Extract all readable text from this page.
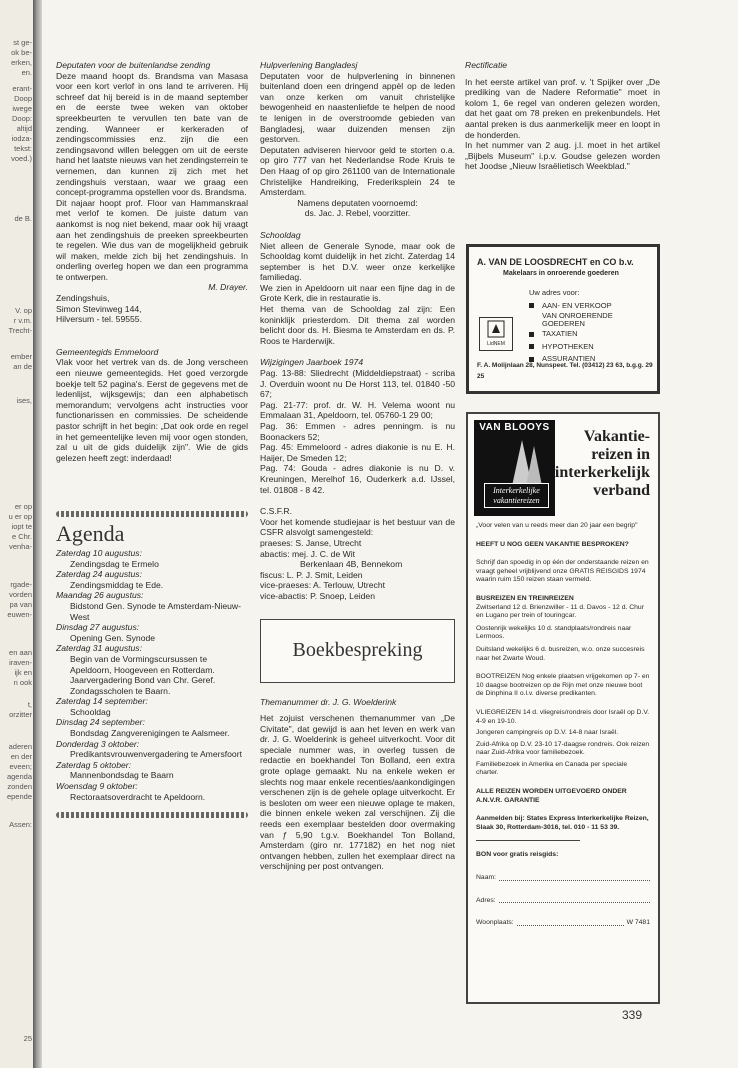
st ge-
ok be-
erken,
en.
erant-
Doop
iwege
Doop:
altijd
iodza-
tekst:
voed.)
de B.
V. op
r v.m.
Trecht-
ember
an de
ises,
er op
u er op
iopt te
e Chr.
venha-
rgade-
vorden
pa van
euwen-
en aan
iraven-
ijk en
n ook
t,
orzitter
aderen
en der
eveen;
agenda
zonden
epende
Assen:
25
Deputaten voor de buitenlandse zending
Deze maand hoopt ds. Brandsma van Masasa voor een kort verlof in ons land te arriveren. Hij schreef dat hij bereid is in de maand september en de eerste twee weken van oktober spreekbeurten te vervullen ten bate van de zending. Wanneer er kerkeraden of zendingscommissies enz. zijn die een zendingsavond willen beleggen om uit de eerste hand het laatste nieuws van het zendingsterrein te vernemen, dan kunnen zij zich met het zendingshuis verstaan, waar we graag een concept-programma opstellen voor ds. Brandsma.
Dit najaar hoopt prof. Floor van Hammanskraal met verlof te komen. De juiste datum van aankomst is nog niet bekend, maar ook hij vraagt aan het zendingshuis de preeken spreekbeurten te regelen. Wie dus van de mogelijkheid gebruik wil maken, melde zich bij het zendingshuis. In onderling overleg hopen we dan een programma te ontwerpen.
M. Drayer.
Zendingshuis,
Simon Stevinweg 144,
Hilversum - tel. 59555.
Gemeentegids Emmeloord
Vlak voor het vertrek van ds. de Jong verscheen een nieuwe gemeentegids. Het goed verzorgde boekje telt 52 pagina's. Eerst de gegevens met de ledenlijst, wijksgewijs; dan een alphabetisch memorandum; vervolgens acht instructies voor functionarissen en commissies. De scheidende pastor schrijft in het begin: „Dat ook orde en regel in het gemeentelijke leven mij voor ogen stonden, zal u uit de gids duidelijk zijn". Wie de gids gelezen heeft zegt: inderdaad!
Agenda
Zaterdag 10 augustus:
Zendingsdag te Ermelo
Zaterdag 24 augustus:
Zendingsmiddag te Ede.
Maandag 26 augustus:
Bidstond Gen. Synode te Amsterdam-Nieuw-West
Dinsdag 27 augustus:
Opening Gen. Synode
Zaterdag 31 augustus:
Begin van de Vormingscursussen te Apeldoorn, Hoogeveen en Rotterdam. Jaarvergadering Bond van Chr. Geref. Zondagsscholen te Baarn.
Zaterdag 14 september:
Schooldag
Dinsdag 24 september:
Bondsdag Zangverenigingen te Aalsmeer.
Donderdag 3 oktober:
Predikantsvrouwenvergadering te Amersfoort
Zaterdag 5 oktober:
Mannenbondsdag te Baarn
Woensdag 9 oktober:
Rectoraatsoverdracht te Apeldoorn.
Hulpverlening Bangladesj
Deputaten voor de hulpverlening in binnenen buitenland doen een dringend appèl op de leden van onze kerken om vanuit christelijke bewogenheid en naastenliefde te helpen de nood te lenigen in de overstroomde gebieden van Bangladesj, waar duizenden mensen zijn gestorven.
Deputaten adviseren hiervoor geld te storten o.a. op giro 777 van het Nederlandse Rode Kruis te Den Haag of op giro 261100 van de Internationale Christelijke Handreiking, Frederiksplein 24 te Amsterdam.
Namens deputaten voornoemd:
ds. Jac. J. Rebel, voorzitter.
Schooldag
Niet alleen de Generale Synode, maar ook de Schooldag komt duidelijk in het zicht. Zaterdag 14 september is het D.V. weer onze kerkelijke familiedag.
We zien in Apeldoorn uit naar een fijne dag in de Grote Kerk, die in restauratie is.
Het thema van de Schooldag zal zijn: Een koninklijk priesterdom. Dit thema zal worden belicht door ds. H. Biesma te Amsterdam en ds. P. Roos te Harderwijk.
Wijzigingen Jaarboek 1974
Pag. 13-88: Sliedrecht (Middeldiepstraat) - scriba J. Overduin woont nu De Horst 113, tel. 01840 -50 67;
Pag. 21-77: prof. dr. W. H. Velema woont nu Emmalaan 31, Apeldoorn, tel. 05760-1 29 00;
Pag. 36: Emmen - adres penningm. is nu Boonackers 52;
Pag. 45: Emmeloord - adres diakonie is nu E. H. Haijer, De Smeden 12;
Pag. 74: Gouda - adres diakonie is nu D. v. Kreuningen, Merelhof 16, Ouderkerk a.d. IJssel, tel. 01808 - 8 42.
C.S.F.R.
Voor het komende studiejaar is het bestuur van de CSFR alsvolgt samengesteld:
praeses: S. Janse, Utrecht
abactis: mej. J. C. de Wit
Berkenlaan 4B, Bennekom
fiscus: L. P. J. Smit, Leiden
vice-praeses: A. Terlouw, Utrecht
vice-abactis: P. Snoep, Leiden
Boekbespreking
Themanummer dr. J. G. Woelderink
Het zojuist verschenen themanummer van „De Civitate", dat gewijd is aan het leven en werk van dr. J. G. Woelderink is geheel uitverkocht. Voor dit speciale nummer was, in overleg tussen de redactie en boekhandel Ton Bolland, een extra grote oplage gemaakt. Nu na enkele weken er slechts nog maar enkele recenties/aankondigingen verschenen zijn is de gehele oplage uitverkocht. Er is besloten om weer een nieuwe oplage te maken, die binnen enkele weken zal verschijnen. Zij die reeds een exemplaar bestelden door overmaking van ƒ 5,90 t.g.v. Boekhandel Ton Bolland, Amsterdam (giro nr. 177182) en het nog niet ontvangen hebben, zullen het exemplaar direct na verschijning per post ontvangen.
Rectificatie
In het eerste artikel van prof. v. 't Spijker over „De prediking van de Nadere Reformatie" moet in kolom 1, 6e regel van onderen gelezen worden, dat het gaat om 78 preken en prekenbundels. Het aantal preken is dus aanmerkelijk meer en loopt in de honderden.
In het nummer van 2 aug. j.l. moet in het artikel „Bijbels Museum" i.p.v. Goudse gelezen worden het Joodse „Nieuw Israëlietisch Weekblad."
A. VAN DE LOOSDRECHT en CO b.v.
Makelaars in onroerende goederen
Uw adres voor:
AAN- EN VERKOOP
VAN ONROERENDE GOEDEREN
TAXATIEN
HYPOTHEKEN
ASSURANTIEN
LidNEM
F. A. Molijnlaan 28, Nunspeet. Tel. (03412) 23 63, b.g.g. 29 25
VAN BLOOYS
Interkerkelijke vakantiereizen
Vakantie-
reizen in
interkerkelijk
verband
„Voor velen van u reeds meer dan 20 jaar een begrip"
HEEFT U NOG GEEN VAKANTIE BESPROKEN?
Schrijf dan spoedig in op één der onderstaande reizen en vraagt geheel vrijblijvend onze GRATIS REISGIDS 1974 waarin ruim 150 reizen staan vermeld.
BUSREIZEN EN TREINREIZEN
Zwitserland 12 d. Brienzwiller - 11 d. Davos - 12 d. Chur en Lugano per trein of touringcar.
Oostenrijk wekelijks 10 d. standplaats/rondreis naar Lermoos.
Duitsland wekelijks 6 d. busreizen, w.o. onze succesreis naar het Zwarte Woud.
BOOTREIZEN Nog enkele plaatsen vrijgekomen op 7- en 10 daagse bootreizen op de Rijn met onze nieuwe boot de Dinphina II o.l.v. diverse predikanten.
VLIEGREIZEN 14 d. vliegreis/rondreis door Israël op D.V. 4-9 en 19-10.
Jongeren campingreis op D.V. 14-8 naar Israël.
Zuid-Afrika op D.V. 23-10 17-daagse rondreis. Ook reizen naar Zuid-Afrika voor familiebezoek.
Familiebezoek in Amerika en Canada per speciale charter.
ALLE REIZEN WORDEN UITGEVOERD ONDER A.N.V.R. GARANTIE
Aanmelden bij: States Express Interkerkelijke Reizen, Slaak 30, Rotterdam-3016, tel. 010 - 11 53 39.
BON voor gratis reisgids:
Naam:
Adres:
Woonplaats:	W 7481
339
